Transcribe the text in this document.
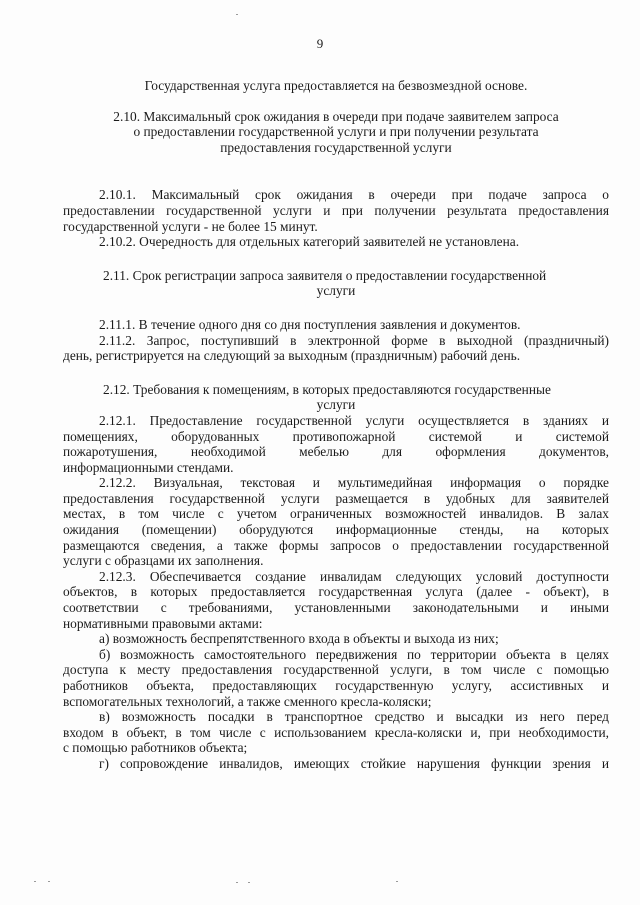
9
Государственная услуга предоставляется на безвозмездной основе.
2.10. Максимальный срок ожидания в очереди при подаче заявителем запроса
о предоставлении государственной услуги и при получении результата
предоставления государственной услуги
2.10.1. Максимальный срок ожидания в очереди при подаче запроса о
предоставлении государственной услуги и при получении результата предоставления
государственной услуги - не более 15 минут.
2.10.2. Очередность для отдельных категорий заявителей не установлена.
2.11. Срок регистрации запроса заявителя о предоставлении государственной
услуги
2.11.1. В течение одного дня со дня поступления заявления и документов.
2.11.2. Запрос, поступивший в электронной форме в выходной (праздничный)
день, регистрируется на следующий за выходным (праздничным) рабочий день.
2.12. Требования к помещениям, в которых предоставляются государственные
услуги
2.12.1. Предоставление государственной услуги осуществляется в зданиях и
помещениях, оборудованных противопожарной системой и системой
пожаротушения, необходимой мебелью для оформления документов,
информационными стендами.
2.12.2. Визуальная, текстовая и мультимедийная информация о порядке
предоставления государственной услуги размещается в удобных для заявителей
местах, в том числе с учетом ограниченных возможностей инвалидов. В залах
ожидания (помещении) оборудуются информационные стенды, на которых
размещаются сведения, а также формы запросов о предоставлении государственной
услуги с образцами их заполнения.
2.12.3. Обеспечивается создание инвалидам следующих условий доступности
объектов, в которых предоставляется государственная услуга (далее - объект), в
соответствии с требованиями, установленными законодательными и иными
нормативными правовыми актами:
а) возможность беспрепятственного входа в объекты и выхода из них;
б) возможность самостоятельного передвижения по территории объекта в целях
доступа к месту предоставления государственной услуги, в том числе с помощью
работников объекта, предоставляющих государственную услугу, ассистивных и
вспомогательных технологий, а также сменного кресла-коляски;
в) возможность посадки в транспортное средство и высадки из него перед
входом в объект, в том числе с использованием кресла-коляски и, при необходимости,
с помощью работников объекта;
г) сопровождение инвалидов, имеющих стойкие нарушения функции зрения и
